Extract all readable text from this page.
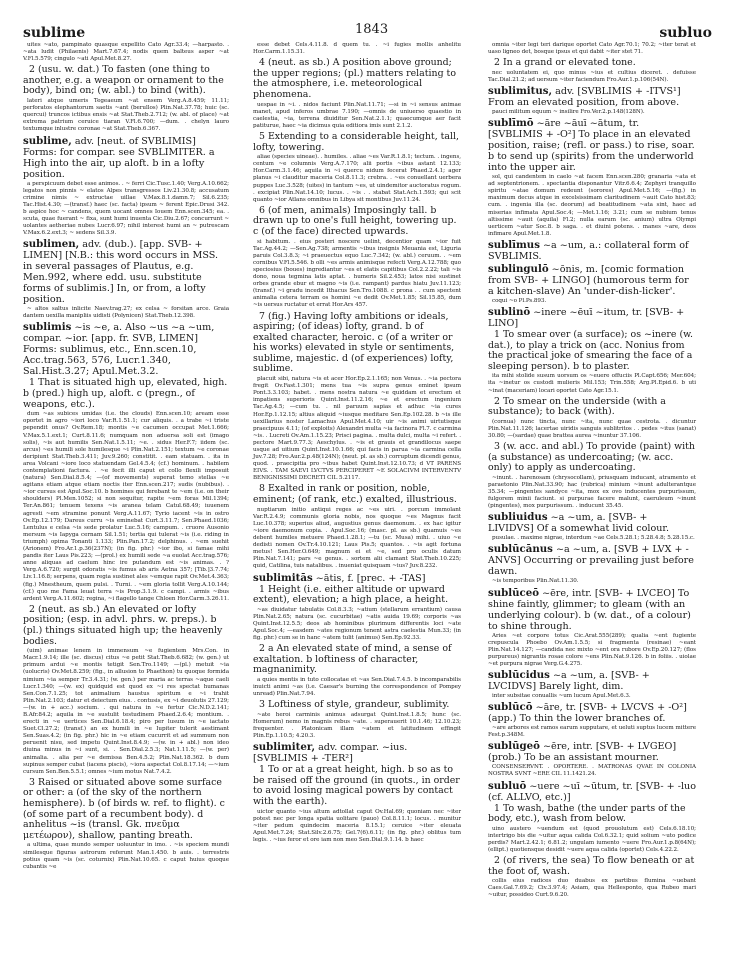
sublime	1843	subluo
uites ~ato, pampinato quasque expellito Cato Agr.33.4; —harpasto. . ~ata ludit (Philaenis) Mart.7.67.4; nodis quem balteus asper ~at V.Fl.5.579; cingulo ~ati Apul.Met.8.27.
2 (usu. w. dat.) To fasten (one thing to another, e.g. a weapon or ornament to the body), bind on; (w. abl.) to bind (with).
lateri atque umeris Tegeaeum ~at ensem Verg.A.8.459; 11.11; perforatos elephantorum saetis ~ant (berullos) Plin.Nat.37.78; huic (sc. quercui) truncos ictibus ensis ~at Stat.Theb.2.712; (w. abl. of place) ~at extrema patrium ceruice tiaran V.Fl.6.700; —dum. . chelyn lauro textumque inlustre coronae ~at Stat.Theb.6.367.
sublime, adv. [neut. of SVBLIMIS] Forms: for compar. see SVBLIMITER. a High into the air, up aloft. b in a lofty position.
a perspicuum debet esse animos. . ~ ferri Cic.Tusc.1.40; Verg.A.10.662; legatos non pinnis ~ elatos Alpes transgressos Liv.21.30.8; accusatum crimine nimis ~ extructae uillae V.Max.8.1.damn.7; Sil.6.235; Tac.Hist.4.30; —(transf.) haec (sc. facta) ipsum ~ ferent Epic.Drusi 342. b aspice hoc ~ candens, quem uocant omnes Iouem Enn.scen.345; ea. . scuta, quae fuerant ~ fixa, sunt humi inuenta Cic.Diu.2.67; concurrunt ~ uolantes aetheriae nubes Lucr.6.97; nihil interest humi an ~ putrescam V.Max.6.2.ext.3; ~ sedens Sil.3.9.
sublimen, adv. (dub.). [app. SVB- + LIMEN] [N.B.: this word occurs in MSS. in several passages of Plautus, e.g. Men.992, where edd. usu. substitute forms of sublimis.] In, or from, a lofty position.
~ altos saltus inlicite Naev.trag.27; ex celsa ~ forsitan arce. Graia dantem uexilla manipliis uidisti (Polynicen) Stat.Theb.12.398.
sublimis ~is ~e, a. Also ~us ~a ~um, compar. ~ior. [app. fr. SVB, LIMEN] Forms: sublimus, etc., Enn.scen.10, Acc.trag.563, 576, Lucr.1.340, Sal.Hist.3.27; Apul.Met.3.2.
1 That is situated high up, elevated, high. b (pred.) high up, aloft. c (pregn., of weapons, etc.).
dum ~as subices umidas (i.e. the clouds) Enn.scen.10; aream esse oportet in agro ~iori loco Var.R.1.51.1; cur aliquis. . a trabe ~i triste pependit onus? Ov.Rem.18; montis ~e cacumen occupat Met.1.666; V.Max.5.1.ext.1; Curt.8.11.6; numquam non aduersa soli est (imago solis), ~is aut humilis Sen.Nat.1.5.11; ~e. . sidus Her.F.7; iidem (sc. arcus) ~es humili sole humilesque ~i Plin.Nat.2.151; textum ~e coronae deripiunt Stat.Theb.3.411; Juv.9.260; constitit. . eam statuam. . ita in area Volcani ~iore loco statuendam Gel.4.5.4; (cf.) hominum. . habilem contemplationi factura. . ~e fecit illi caput et collo flexili imposuit (natura) Sen.Dial.8.5.4; —(of movements) superat temo stellas ~e agitans etiam atque etiam noctis iter Enn.scen.217; sudis (nubibus). . ~ior cursus est Apul.Soc.10. b homines qui ferebant te ~em (i.e. on their shoulders) Pl.Men.1052; si non sequitur, rapite ~em foras Mil.1394; Ter.An.861; tenuem texens ~is aranea telam Catul.68.49; iuuenem agresti ~em stramine ponunt Verg.A.11.67; Tyrio iacent ~is in ostro Ov.Ep.12.179; Dareus curru ~is eminebat Curt.3.11.7; Sen.Phaed.1036; Lentulus e celsa ~is sede prolatur Luc.5.16; campum. . cruore Ausonio mersum ~is Iapyga cernam Sil.1.51; tertia qui tulerat ~is (i.e. riding in triumph) opima Tonanti 1.133; Plin.Pan.17.2; delphinus. . ~em suehit (Arionem) Fro.Ar.1.p.36(237N); (in fig. phr.) ~ior ibo, si famae mihi pandis iter Laus Pis.223; —(prol.) ex humili sede ~a euolat Acc.trag.576; anne aliquas ad caelum hinc ire putandum est ~is animas. . ? Verg.A.6.720; surgit odoratis ~is fumus ab aris Aetna 357; [Tib.]3.7.74; Liv.1.16.8; serpens, quam regia sustinet ales ~emque rapit Ov.Met.4.363; (fig.) Mnestheum, quem pulsi. . Turni. . ~em gloria tollit Verg.A.10.144; (cf.) quo me Fama leuat terra ~is Prop.3.1.9. c campi. . armis ~ibus ardent Verg.A.11.602; regina, ~i flagello tange Chloen Hor.Carm.3.26.11.
2 (neut. as sb.) An elevated or lofty position; (esp. in advl. phrs. w. preps.). b (pl.) things situated high up; the heavenly bodies.
(uim) animae lenem in immensum ~e fugientem Mrs.Con. in Macr.1.9.14; ille (sc. discus) citus ~e petit Stat.Theb.6.682; (w. gen.) ut primum ardui ~e montis tetigit Sen.Tro.1149; —(pl.) metuit ~ia (uolucris) Ov.Met.8.259; (fig., in allusion to Phaethon) tu quoque formida nimium ~ia semper Tr.3.4.31; (w. gen.) per maria ac terras ~aque caeli Lucr.1.340; —(w. ex) quidquid est quod ex ~i res spectat humanas Sen.Con.7.1.25; tot animalium haustus spiritum e ~i trahit Plin.Nat.2.103; datur et deiectum eius. . contusis, ex ~i deuolutis 27.129; —(w. in + acc.) socium. . qui natura in ~e fertur Cic.N.D.2.141; B.Afr.84.2; aquila in ~e sustulit testudinem Phaed.2.6.4; montium. . erecti in ~e uertices Sen.Dial.6.18.4; piro per lusum in ~e iactato Suet.Cl.27.2; (transf.) an ex humili in ~e Iupiter tulerit aestimant Sen.Suas.4.2; (in fig. phr.) hic in ~e etiam cucurrit et ad summum non peruenit nisu, sed impetu Quint.Inst.8.4.9; —(w. in + abl.) non ideo diuina minus in ~i sunt, si. . Sen.Dial.2.5.3; Nat.1.11.5; —(w. per) animalia. . alia per ~e demissa Ben.4.5.2; Plin.Nat.18.362. b dum supinus semper cubat (iacens piscis), ~iora aspectat Col.8.17.14; —~ium cursum Sen.Ben.5.5.1; omnes ~ium motus Nat.7.4.2.
3 Raised or situated above some surface or other: a (of the sky of the northern hemisphere). b (of birds w. ref. to flight). c (of some part of a recumbent body). d anhelitus ~is (transl. Gk. πνεῦμα μετέωρον), shallow, panting breath.
a ultima, quae mundo semper uoluuntur in imo. . ~is speciem mundi similesque figuras astrorum referunt Man.1.450. b auis. . terrestris potius quam ~is (sc. coturnix) Plin.Nat.10.65. c caput huius quoque cubantis ~e
esse debet Cels.4.11.8. d quem tu. . ~i fugies mollis anhelitu Hor.Carm.1.15.31.
4 (neut. as sb.) A position above ground; the upper regions; (pl.) matters relating to the atmosphere, i.e. meteorological phenomena.
uespae in ~i. . nidos faciunt Plin.Nat.11.71; —si in ~i sensus animae manet, apud inferos umbrae 7.190; —omnis de uniuerso quaestio in caelestia, ~ia, terrena diuiditur Sen.Nat.2.1.1; quaecumque aer facit patiturue, haec ~ia dicimus quia editiora imis sunt 2.1.2.
5 Extending to a considerable height, tall, lofty, towering.
aliae (species uineae). . humiles. . aliae ~es Var.R.1.8.1; tectum. . ingens, centum ~e columnis Verg.A.7.170; alii portis ~ibus astant 12.133; Hor.Carm.3.1.46; aquila in ~i quercu nidum fecerat Phaed.2.4.1; ager planus ~i clauditur maceria Col.8.11.3; crebra. . ~es conuellant uerbera puppes Luc.3.528; (uites) in tantum ~es, ut uindemitor auctoratus rogum. . excipiat Plin.Nat.14.10; lucus. . ~is . . stabat Stat.Ach.1.593; qui scit quanto ~ior Atlans omnibus in Libya sit montibus Juv.11.24.
6 (of men, animals) Imposingly tall. b drawn up to one's full height, towering up. c (of the face) directed upwards.
si habitum. . eius posteri noscere uelint, decentior quam ~ior fuit Tac.Ag.44.2; —Sen.Ag.738; armentis ~ibus insignis Meuania est, Liguria paruis Col.3.8.3; ~i praeuectus equo Luc.7.342; (w. abl.) ceruum. . ~em cornibus V.Fl.5.546. b olli ~es armis animisque refecti Verg.A.12.788; quo speciosius (boues) ingrediantur ~es et elatis capitibus Col.2.2.22; tali ~is dono, noua tegmina latis aptat. . humeris Sil.2.453; latos nisi sustinet orbes grande ebur et magno ~is (i.e. rampant) pardus hiatu Juv.11.123; (transf.) ~i gradu incedit Ithacus Sen.Tro.1088. c prona . . cum spectent animalia cetera terram os homini ~e dedit Ov.Met.1.85; Sil.15.85, dum ~is uersus ructatur et errat Hor.Ars 457.
7 (fig.) Having lofty ambitions or ideals, aspiring; (of ideas) lofty, grand. b of exalted character, heroic. c (of a writer or his works) elevated in style or sentiments, sublime, majestic. d (of experiences) lofty, sublime.
placuit sibi, natura ~is et acer Hor.Ep.2.1.165; non Venus. . ~ia pectora fregit Ov.Fast.1.301; mens tua ~is supra genus eminet ipsum Pont.3.3.103; habet. . mens nostra natura ~e quiddam et erectum et impatiens superioris Quint.Inst.11.2.16; ~e et erectum ingenium Tac.Ag.4.5; —cum tu. . nil paruum sapias et adhuc ~ia cures Hor.Ep.1.12.15; altius aliquid ~iusque meditare Sen.Ep.102.28. b ~is ille uexillarius noster Lamachus Apul.Met.4.10; uir ~is animi uirtutisque praecipuus 4.11; (of exploits) Alexandri multa ~ia facinora Fl.7. c carmina ~is. . Lucreti Ov.Am.1.15.23; Prisci pagina. . multa dulci, multa ~i refert. . pectore Mart.9.77.3; Aeschylus. . ~is et grauis et grandilocus saepe usque ad uitium Quint.Inst.10.1.66; qui facis in parua ~ia carmina cella Juv.7.28; Fro.Aur.2.p.48(124N); (neut. pl. as sb.) corruptum dicendi genus, quod. . praecipitia pro ~ibus habet Quint.Inst.12.10.73; d VT PARENS EIVS. . TAM SAEVI LVCTVS PERCIPERET ~E SOLACIVM INTERVENTV BENIGNISSIMI DECRETI CIL 5.2117.
8 Exalted in rank or position, noble, eminent; (of rank, etc.) exalted, illustrious.
nuptiarum initio antiqui reges ac ~es uiri. . porcum immolant Var.R.2.4.9; communis gloria nobis, nos quoque ~es Magnus facit Luc.10.378; superius aliud, augustius genus daemonum. . ex hac igitur ~iore daemonum copia. . Apul.Soc.16; (masc. pl. as sb.) quamuis ~es debent humiles metuere Phaed.1.28.1; —tu (sc. Musa) mihi. . uiuo ~e dedisti nomen Ov.Tr.4.10.121; Laus Pis.5; quantos. . ~is agit fortuna metus! Sen.Her.O.649; magnum ei et ~e, sed pro oculis datum Plin.Nat.7.141; pars ~e genus. . sortem alii clamant Stat.Theb.10.225; quid, Catilina, tuis natalibus. . inueniat quisquam ~ius? Juv.8.232.
sublimitās ~ātis, f. [prec. + -TAS]
1 Height (i.e. either altitude or upward extent), elevation; a high place, a height.
~as diuidatur tabulatis Col.8.3.3; ~atium (stellarum errantium) causa Plin.Nat.2.65; natura (sc. cucurbitae) ~atis auida 19.69; corporis ~as Quint.Inst.12.5.5; deos ab hominibus plurimum differentis loci ~ate Apul.Soc.4; —easdem ~ates regionum tenent astra caelestia Mun.33; (in fig. phr.) cum se in hanc ~atem tulit (animus) Sen.Ep.92.33.
2 a An elevated state of mind, a sense of exaltation. b loftiness of character, magnanimity.
a quies mentis in tuto collocatae et ~as Sen.Dial.7.4.5. b incomparabilis inuicti animi ~as (i.e. Caesar's burning the correspondence of Pompey unread) Plin.Nat.7.94.
3 Loftiness of style, grandeur, sublimity.
~ate heroi carminis animus adsurgat Quint.Inst.1.8.5; hunc (sc. Homerum) nemo in magnis rebus ~ate. . superauerit 10.1.46; 12.10.23; frequenter. . Platonicam illam ~atem et latitudinem effingit Plin.Ep.1.10.5; 4.20.3.
sublimiter, adv. compar. ~ius. [SVBLIMIS + -TER²]
1 To or at a great height, high. b so as to be raised off the ground (in quots., in order to avoid losing magical powers by contact with the earth).
uictor quanto ~ius altum adtollat caput Ov.Hal.69; quoniam nec ~iter potest nec per longa spatia uolitare (pauo) Col.8.11.1; locus. . munitur ~iter pedum quindecim maceria 8.15.1; ceruice ~iter eleuata Apul.Met.7.24; Stat.Silv.2.6.75; Gel.7(6).6.11; (in fig. phr.) oblitus tum legis. . ~ius feror et ore iam non meo Sen.Dial.9.1.14. b haec
omnia ~iter legi teri darique oportet Cato Agr.70.1; 70.2; ~iter terat et uaso ligneo det, bosque ipsus et qui dabit ~iter stet 71.
2 In a grand or elevated tone.
nec uoluntatem ei, quo minus ~ius et cultius diceret. . defuisse Tac.Dial.21.2; ad uersum ~iter faciendum Fro.Aur.1.p.106(54N).
sublimitus, adv. [SVBLIMIS + -ITVS¹] From an elevated position, from above.
pauci militum equum ~ insilire Fro.Ver.2.p.148(128N).
sublīmō ~āre ~āuī ~ātum, tr. [SVBLIMIS + -O²] To place in an elevated position, raise; (refl. or pass.) to rise, soar. b to send up (spirits) from the underworld into the upper air.
sol, qui candentem in caelo ~at facem Enn.scen.280; granaria ~ata et ad septentrionem. . spectantia disponantur Vitr.6.6.4; Zephyri tranquillo spiritu ~atae domum redeunt (sorores) Apul.Met.5.16; —(fig.) in maximum decus atque in excelsissimam claritudinem ~auit Cato hist.83; cum. . ingenia illa (sc. deorum) ad beatitudinem ~ata sint, haec ad miserias infimata Apul.Soc.4; —Met.1.16; 3.21; cum se nubium tenus altissime ~auit (aquila) Fl.2; nulla earum (sc. anium) ultra Olympi uerticem ~atur Soc.8. b saga. . et diuini potens. . manes ~are, deos infimare Apul.Met.1.8.
sublīmus ~a ~um, a.: collateral form of SVBLIMIS.
sublingulō ~ōnis, m. [comic formation from SVB- + LINGO] (humorous term for a kitchen-slave) An 'under-dish-licker'.
coqui ~o Pl.Ps.893.
sublinō ~inere ~ēuī ~itum, tr. [SVB- + LINO]
1 To smear over (a surface); os ~inere (w. dat.), to play a trick on (acc. Nonius from the practical joke of smearing the face of a sleeping person). b to plaster.
ita mihi stolide susum uorsum os ~euere offuciis Pl.Capt.656; Mer.604; ita ~inetur os custodi mulieris Mil.153; Trin.558; Arg.Pl.Epid.6. b uti ~inat (maceriam) locari oportet Cato Agr.15.1.
2 To smear on the underside (with a substance); to back (with).
(cornua) nunc tincta, nunc ~ita, nunc quae cestrota. . dicuntur Plin.Nat.11.126; lacertae uiridis sanguis sublitritos . . pedes ~itus (sanat) 30.80; —(sardae) quae brattea aurea ~inuntur 37.106.
3 (w. acc. and abl.) To provide (paint) with (a substance) as undercoating; (w. acc. only) to apply as undercoating.
~inunt. . harenosam (chrysocollam), priusquam inducant, atramento et paraetonio Plin.Nat.33.90; hac (rubrica) minium ~inunt adulterantque 35.34; —pingentes sandyce ~ita, mox ex ovo inducentes purpurissum, fulgorem minii faciunt. si purpurae facere malunt, caeruleum ~inunt (pingentes), mox purpurissum. . inducunt 35.45.
subliuidus ~a ~um, a. [SVB- + LIVIDVS] Of a somewhat livid colour.
pusulae. . maxime nigrae, interdum ~ae Cels.5.28.1; 5.28.4.8; 5.28.15.c.
sublūcānus ~a ~um, a. [SVB + LVX + -ANVS] Occurring or prevailing just before dawn.
~is temporibus Plin.Nat.11.30.
sublūceō ~ēre, intr. [SVB- + LVCEO] To shine faintly, glimmer; to gleam (with an underlying colour). b (w. dat., of a colour) to shine through.
Aries ~et corpore totus Cic.Arat.555(289); qualia ~ent fugiente crepuscula Phoebo Ov.Am.1.5.5; si fragmenta (resinae) ~eant Plin.Nat.14.127; —candida nec mixto ~ent ora rubore Ov.Ep.20.127; (flos purpureus) nigrantis rosae colore ~ens Plin.Nat.9.126. b in foliis. . uiolae ~et purpura nigrae Verg.G.4.275.
sublūcidus ~a ~um, a. [SVB- + LVCIDVS] Barely light, dim.
inter subsitae conuallis ~um lucum Apul.Met.6.3.
sublūcō ~āre, tr. [SVB- + LVCVS + -O²] (app.) To thin the lower branches of.
~are arbores est ramos earum supputare, et ueluti suptus lucem mittere Fest.p.348M.
sublūgeō ~ēre, intr. [SVB- + LVGEO] (prob.) To be an assistant mourner.
CONSENSERVNT. . OPORTERE. . MATRONAS QVAE IN COLONIA NOSTRA SVNT ~ERE CIL 11.1421.24.
subluō ~uere ~uī ~ūtum, tr. [SVB- + -luo (cf. ALLVO, etc.)]
1 To wash, bathe (the under parts of the body, etc.), wash from below.
uino austero ~uendum est (quod prouolutum est) Cels.6.18.10; intertrigo bis die ~uitur aqua calida Col.6.32.1; quid solium ~uto podice perdis? Mart.2.42.1; 6.81.2; ungulam iumento ~uere Fro.Aur.1.p.8(64N); (ellipt.) quotiensque desidit ~uere aqua calida (oportet) Cels.4.22.2.
2 (of rivers, the sea) To flow beneath or at the foot of, wash.
collis eius radices duo duabus ex partibus flumina ~uebant Caes.Gal.7.69.2; Civ.3.97.4; Asiam, qua Hellesponto, qua Rubeo mari ~uitur, possideo Curt.9.6.20.
